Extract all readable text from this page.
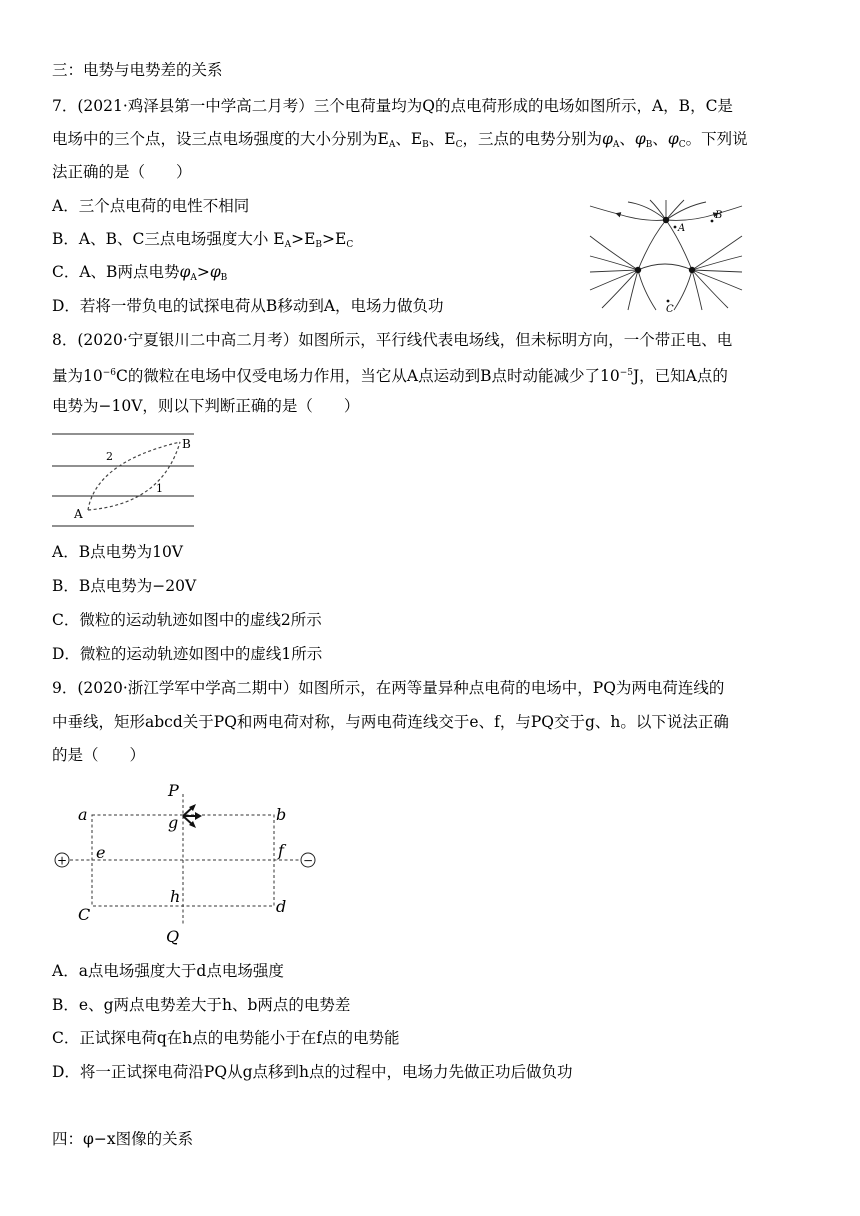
三：电势与电势差的关系
7．(2021·鸡泽县第一中学高二月考）三个电荷量均为Q的点电荷形成的电场如图所示，A，B，C是
电场中的三个点，设三点电场强度的大小分别为$E_A$、$E_B$、$E_C$，三点的电势分别为$\varphi_A$、$\varphi_B$、$\varphi_C$。下列说
法正确的是（　　）
A．三个点电荷的电性不相同
B．A、B、C三点电场强度大小 $E_A>E_B>E_C$
C．A、B两点电势$\varphi_A>\varphi_B$
D．若将一带负电的试探电荷从B移动到A，电场力做负功
A
B
C
8．(2020·宁夏银川二中高二月考）如图所示，平行线代表电场线，但未标明方向，一个带正电、电
量为$10^{-6}C$的微粒在电场中仅受电场力作用，当它从A点运动到B点时动能减少了$10^{-5}J$，已知A点的
电势为−10V，则以下判断正确的是（　　）
A
B
2
1
A．B点电势为10V
B．B点电势为−20V
C．微粒的运动轨迹如图中的虚线2所示
D．微粒的运动轨迹如图中的虚线1所示
9．(2020·浙江学军中学高二期中）如图所示，在两等量异种点电荷的电场中，PQ为两电荷连线的
中垂线，矩形abcd关于PQ和两电荷对称，与两电荷连线交于e、f，与PQ交于g、h。以下说法正确
的是（　　）
+	−
P
a	b
g
e	f
h
C	d
Q
A．a点电场强度大于d点电场强度
B．e、g两点电势差大于h、b两点的电势差
C．正试探电荷q在h点的电势能小于在f点的电势能
D．将一正试探电荷沿PQ从g点移到h点的过程中，电场力先做正功后做负功
四：φ−x图像的关系
